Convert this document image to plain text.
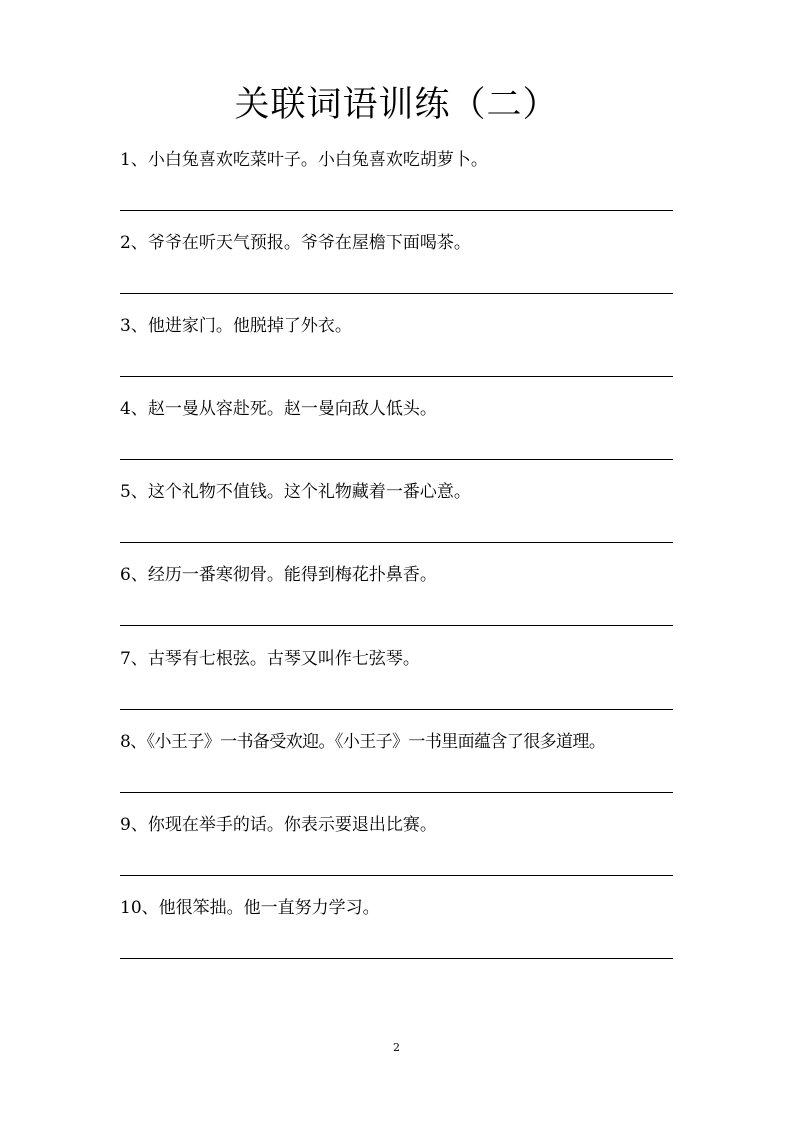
关联词语训练（二）
1、小白兔喜欢吃菜叶子。小白兔喜欢吃胡萝卜。
2、爷爷在听天气预报。爷爷在屋檐下面喝茶。
3、他进家门。他脱掉了外衣。
4、赵一曼从容赴死。赵一曼向敌人低头。
5、这个礼物不值钱。这个礼物藏着一番心意。
6、经历一番寒彻骨。能得到梅花扑鼻香。
7、古琴有七根弦。古琴又叫作七弦琴。
8、《小王子》一书备受欢迎。《小王子》一书里面蕴含了很多道理。
9、你现在举手的话。你表示要退出比赛。
10、他很笨拙。他一直努力学习。
2
